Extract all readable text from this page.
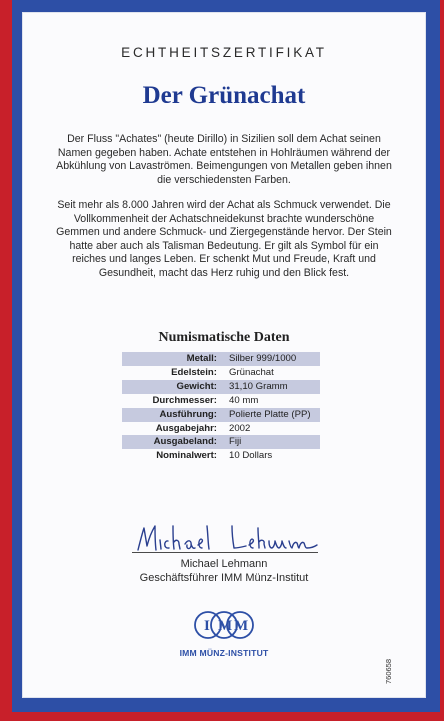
ECHTHEITSZERTIFIKAT
Der Grünachat
Der Fluss "Achates" (heute Dirillo) in Sizilien soll dem Achat seinen Namen gegeben haben. Achate entstehen in Hohlräumen während der Abkühlung von Lavaströmen. Beimengungen von Metallen geben ihnen die verschiedensten Farben.
Seit mehr als 8.000 Jahren wird der Achat als Schmuck verwendet. Die Vollkommenheit der Achatschneidekunst brachte wunderschöne Gemmen und andere Schmuck- und Ziergegenstände hervor. Der Stein hatte aber auch als Talisman Bedeutung. Er gilt als Symbol für ein reiches und langes Leben. Er schenkt Mut und Freude, Kraft und Gesundheit, macht das Herz ruhig und den Blick fest.
Numismatische Daten
Metall:	Silber 999/1000
Edelstein:	Grünachat
Gewicht:	31,10 Gramm
Durchmesser:	40 mm
Ausführung:	Polierte Platte (PP)
Ausgabejahr:	2002
Ausgabeland:	Fiji
Nominalwert:	10 Dollars
Michael Lehmann
Geschäftsführer IMM Münz-Institut
I M M
IMM MÜNZ-INSTITUT
760658
